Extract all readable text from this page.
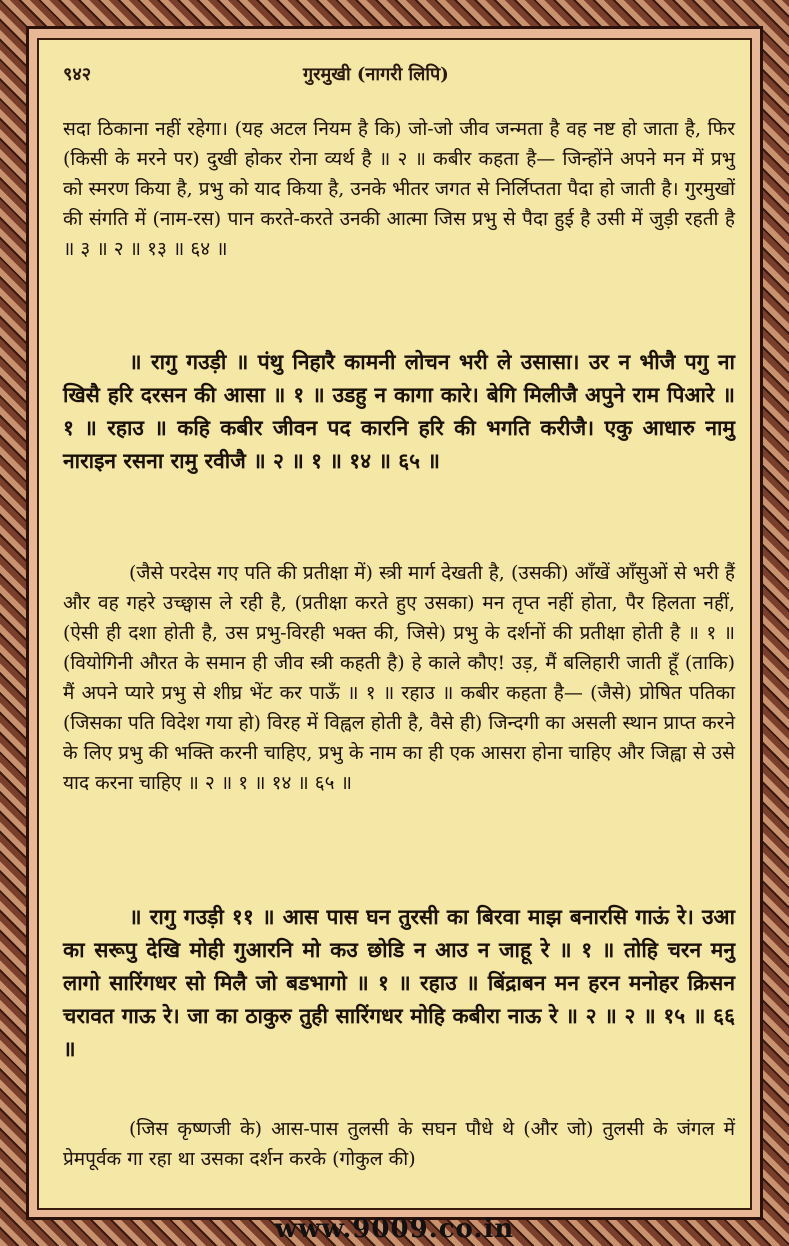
९४२	गुरमुखी (नागरी लिपि)

सदा ठिकाना नहीं रहेगा। (यह अटल नियम है कि) जो-जो जीव जन्मता है वह नष्ट हो जाता है, फिर (किसी के मरने पर) दुखी होकर रोना व्यर्थ है ॥ २ ॥ कबीर कहता है— जिन्होंने अपने मन में प्रभु को स्मरण किया है, प्रभु को याद किया है, उनके भीतर जगत से निर्लिप्तता पैदा हो जाती है। गुरमुखों की संगति में (नाम-रस) पान करते-करते उनकी आत्मा जिस प्रभु से पैदा हुई है उसी में जुड़ी रहती है ॥ ३ ॥ २ ॥ १३ ॥ ६४ ॥

॥ रागु गउड़ी ॥ पंथु निहारै कामनी लोचन भरी ले उसासा। उर न भीजै पगु ना खिसै हरि दरसन की आसा ॥ १ ॥ उडहु न कागा कारे। बेगि मिलीजै अपुने राम पिआरे ॥ १ ॥ रहाउ ॥ कहि कबीर जीवन पद कारनि हरि की भगति करीजै। एकु आधारु नामु नाराइन रसना रामु रवीजै ॥ २ ॥ १ ॥ १४ ॥ ६५ ॥

(जैसे परदेस गए पति की प्रतीक्षा में) स्त्री मार्ग देखती है, (उसकी) आँखें आँसुओं से भरी हैं और वह गहरे उच्छ्वास ले रही है, (प्रतीक्षा करते हुए उसका) मन तृप्त नहीं होता, पैर हिलता नहीं, (ऐसी ही दशा होती है, उस प्रभु-विरही भक्त की, जिसे) प्रभु के दर्शनों की प्रतीक्षा होती है ॥ १ ॥ (वियोगिनी औरत के समान ही जीव स्त्री कहती है) हे काले कौए! उड़, मैं बलिहारी जाती हूँ (ताकि) मैं अपने प्यारे प्रभु से शीघ्र भेंट कर पाऊँ ॥ १ ॥ रहाउ ॥ कबीर कहता है— (जैसे) प्रोषित पतिका (जिसका पति विदेश गया हो) विरह में विह्वल होती है, वैसे ही) जिन्दगी का असली स्थान प्राप्त करने के लिए प्रभु की भक्ति करनी चाहिए, प्रभु के नाम का ही एक आसरा होना चाहिए और जिह्वा से उसे याद करना चाहिए ॥ २ ॥ १ ॥ १४ ॥ ६५ ॥

॥ रागु गउड़ी ११ ॥ आस पास घन तुरसी का बिरवा माझ बनारसि गाऊं रे। उआ का सरूपु देखि मोही गुआरनि मो कउ छोडि न आउ न जाहू रे ॥ १ ॥ तोहि चरन मनु लागो सारिंगधर सो मिलै जो बडभागो ॥ १ ॥ रहाउ ॥ बिंद्राबन मन हरन मनोहर क्रिसन चरावत गाऊ रे। जा का ठाकुरु तुही सारिंगधर मोहि कबीरा नाऊ रे ॥ २ ॥ २ ॥ १५ ॥ ६६ ॥

(जिस कृष्णजी के) आस-पास तुलसी के सघन पौधे थे (और जो) तुलसी के जंगल में प्रेमपूर्वक गा रहा था उसका दर्शन करके (गोकुल की)

www.9009.co.in
